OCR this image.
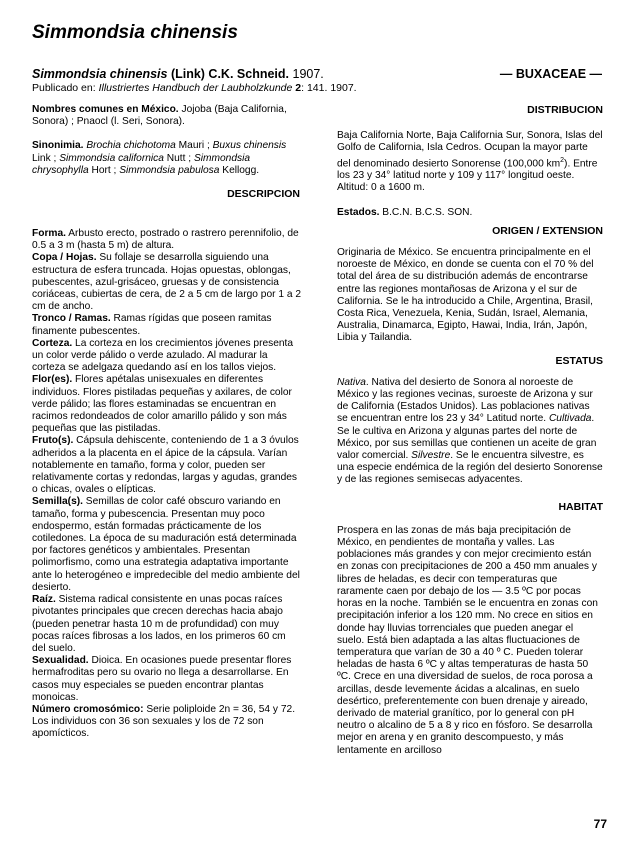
Simmondsia chinensis
Simmondsia chinensis (Link) C.K. Schneid. 1907.	— BUXACEAE —
Publicado en: Illustriertes Handbuch der Laubholzkunde 2: 141. 1907.

Nombres comunes en México. Jojoba (Baja California, Sonora) ; Pnaocl (l. Seri, Sonora).

Sinonimia. Brochia chichotoma Mauri ; Buxus chinensis Link ; Simmondsia californica Nutt ; Simmondsia chrysophylla Hort ; Simmondsia pabulosa Kellogg.

DESCRIPCION

Forma. Arbusto erecto, postrado o rastrero perennifolio, de 0.5 a 3 m (hasta 5 m) de altura.

Copa / Hojas. Su follaje se desarrolla siguiendo una estructura de esfera truncada. Hojas opuestas, oblongas, pubescentes, azul-grisáceo, gruesas y de consistencia coriáceas, cubiertas de cera, de 2 a 5 cm de largo por 1 a 2 cm de ancho.

Tronco / Ramas. Ramas rígidas que poseen ramitas finamente pubescentes.

Corteza. La corteza en los crecimientos jóvenes presenta un color verde pálido o verde azulado. Al madurar la corteza se adelgaza quedando así en los tallos viejos.

Flor(es). Flores apétalas unisexuales en diferentes individuos. Flores pistiladas pequeñas y axilares, de color verde pálido; las flores estaminadas se encuentran en racimos redondeados de color amarillo pálido y son más pequeñas que las pistiladas.

Fruto(s). Cápsula dehiscente, conteniendo de 1 a 3 óvulos adheridos a la placenta en el ápice de la cápsula. Varían notablemente en tamaño, forma y color, pueden ser relativamente cortas y redondas, largas y agudas, grandes o chicas, ovales o elípticas.

Semilla(s). Semillas de color café obscuro variando en tamaño, forma y pubescencia. Presentan muy poco endospermo, están formadas prácticamente de los cotiledones. La época de su maduración está determinada por factores genéticos y ambientales. Presentan polimorfismo, como una estrategia adaptativa importante ante lo heterogéneo e impredecible del medio ambiente del desierto.

Raíz. Sistema radical consistente en unas pocas raíces pivotantes principales que crecen derechas hacia abajo (pueden penetrar hasta 10 m de profundidad) con muy pocas raíces fibrosas a los lados, en los primeros 60 cm del suelo.

Sexualidad. Dioica. En ocasiones puede presentar flores hermafroditas pero su ovario no llega a desarrollarse. En casos muy especiales se pueden encontrar plantas monoicas.

Número cromosómico: Serie poliploide 2n = 36, 54 y 72. Los individuos con 36 son sexuales y los de 72 son apomícticos.

DISTRIBUCION

Baja California Norte, Baja California Sur, Sonora, Islas del Golfo de California, Isla Cedros. Ocupan la mayor parte del denominado desierto Sonorense (100,000 $km^2$). Entre los 23 y 34° latitud norte y 109 y 117° longitud oeste. Altitud: 0 a 1600 m.

Estados. B.C.N. B.C.S. SON.

ORIGEN / EXTENSION

Originaria de México. Se encuentra principalmente en el noroeste de México, en donde se cuenta con el 70 % del total del área de su distribución además de encontrarse entre las regiones montañosas de Arizona y el sur de California. Se le ha introducido a Chile, Argentina, Brasil, Costa Rica, Venezuela, Kenia, Sudán, Israel, Alemania, Australia, Dinamarca, Egipto, Hawai, India, Irán, Japón, Libia y Tailandia.

ESTATUS

Nativa. Nativa del desierto de Sonora al noroeste de México y las regiones vecinas, suroeste de Arizona y sur de California (Estados Unidos). Las poblaciones nativas se encuentran entre los 23 y 34° Latitud norte. Cultivada. Se le cultiva en Arizona y algunas partes del norte de México, por sus semillas que contienen un aceite de gran valor comercial. Silvestre. Se le encuentra silvestre, es una especie endémica de la región del desierto Sonorense y de las regiones semisecas adyacentes.

HABITAT

Prospera en las zonas de más baja precipitación de México, en pendientes de montaña y valles. Las poblaciones más grandes y con mejor crecimiento están en zonas con precipitaciones de 200 a 450 mm anuales y libres de heladas, es decir con temperaturas que raramente caen por debajo de los — 3.5 ºC por pocas horas en la noche. También se le encuentra en zonas con precipitación inferior a los 120 mm. No crece en sitios en donde hay lluvias torrenciales que pueden anegar el suelo. Está bien adaptada a las altas fluctuaciones de temperatura que varían de 30 a 40 º C. Pueden tolerar heladas de hasta 6 ºC y altas temperaturas de hasta 50 ºC. Crece en una diversidad de suelos, de roca porosa a arcillas, desde levemente ácidas a alcalinas, en suelo desértico, preferentemente con buen drenaje y aireado, derivado de material granítico, por lo general con pH neutro o alcalino de 5 a 8 y rico en fósforo. Se desarrolla mejor en arena y en granito descompuesto, y más lentamente en arcilloso

77
